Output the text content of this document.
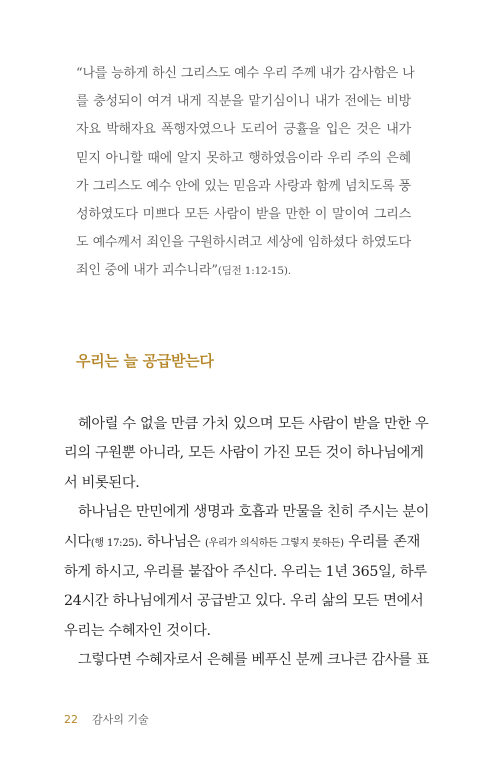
“나를 능하게 하신 그리스도 예수 우리 주께 내가 감사함은 나
를 충성되이 여겨 내게 직분을 맡기심이니 내가 전에는 비방
자요 박해자요 폭행자였으나 도리어 긍휼을 입은 것은 내가
믿지 아니할 때에 알지 못하고 행하였음이라 우리 주의 은혜
가 그리스도 예수 안에 있는 믿음과 사랑과 함께 넘치도록 풍
성하였도다 미쁘다 모든 사람이 받을 만한 이 말이여 그리스
도 예수께서 죄인을 구원하시려고 세상에 임하셨다 하였도다
죄인 중에 내가 괴수니라”(딤전 1:12-15).
우리는 늘 공급받는다
헤아릴 수 없을 만큼 가치 있으며 모든 사람이 받을 만한 우
리의 구원뿐 아니라, 모든 사람이 가진 모든 것이 하나님에게
서 비롯된다.
하나님은 만민에게 생명과 호흡과 만물을 친히 주시는 분이
시다(행 17:25). 하나님은 (우리가 의식하든 그렇지 못하든) 우리를 존재
하게 하시고, 우리를 붙잡아 주신다. 우리는 1년 365일, 하루
24시간 하나님에게서 공급받고 있다. 우리 삶의 모든 면에서
우리는 수혜자인 것이다.
그렇다면 수혜자로서 은혜를 베푸신 분께 크나큰 감사를 표
22 감사의 기술
